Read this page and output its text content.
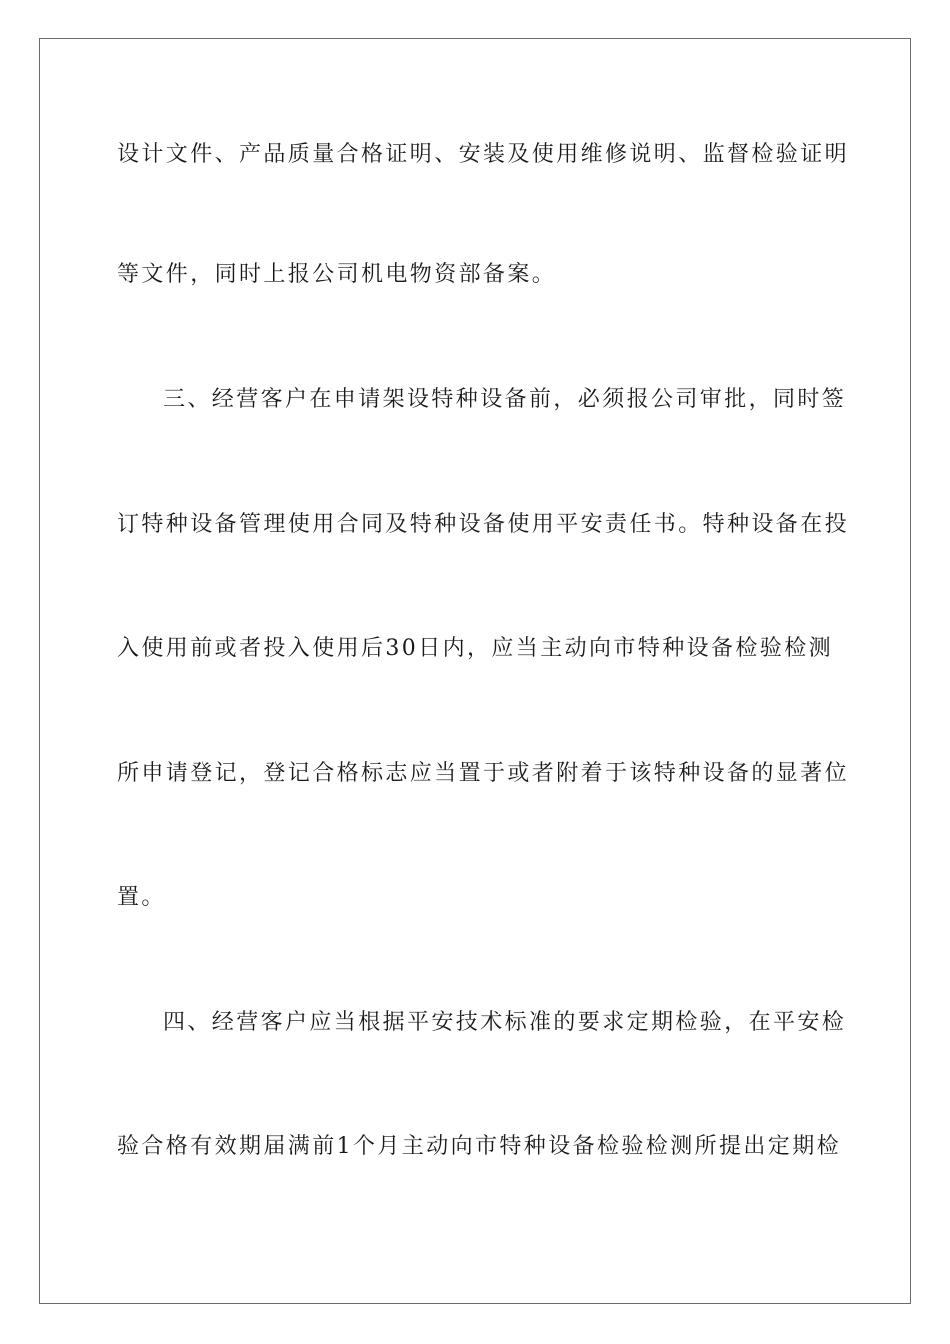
设计文件、产品质量合格证明、安装及使用维修说明、监督检验证明
等文件，同时上报公司机电物资部备案。
三、经营客户在申请架设特种设备前，必须报公司审批，同时签
订特种设备管理使用合同及特种设备使用平安责任书。特种设备在投
入使用前或者投入使用后30日内，应当主动向市特种设备检验检测
所申请登记，登记合格标志应当置于或者附着于该特种设备的显著位
置。
四、经营客户应当根据平安技术标准的要求定期检验，在平安检
验合格有效期届满前1个月主动向市特种设备检验检测所提出定期检
